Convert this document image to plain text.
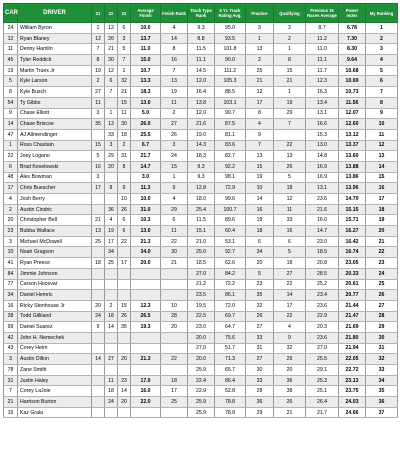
CAR	DRIVER	21	22	23	Average Finish	Finish Rank	Track Type Rank	5 Yr. Track Rating Avg.	Practice	Qualifying	Previous 15 Races Average	Power Index	My Ranking
24	William Byron	1	12	6	10.0	4	9.3	95.0	3	3	8.7	6.78	1
12	Ryan Blaney	12	26	3	13.7	14	8.8	93.5	1	2	11.2	7.30	2
11	Denny Hamlin	7	21	5	11.0	8	11.5	101.8	13	1	11.0	8.30	3
45	Tyler Reddick	8	30	7	15.0	16	11.1	90.0	2	8	11.1	9.64	4
19	Martin Truex Jr	19	12	1	10.7	7	14.5	111.2	25	15	11.7	10.68	5
5	Kyle Larson	2	6	32	13.3	13	12.0	105.3	21	21	12.3	10.69	6
8	Kyle Busch	27	7	21	18.3	19	16.4	88.5	12	1	16.3	10.73	7
54	Ty Gibbs	11		15	13.0	11	13.8	103.1	17	19	13.4	11.56	8
9	Chase Elliott	3	1	11	5.0	2	12.0	90.7	8	29	13.1	12.07	9
14	Chase Briscoe	35	13	30	26.0	27	21.6	87.5	4	7	16.6	12.60	10
47	AJ Allmendinger		33	18	25.5	26	19.0	81.1	9		15.3	13.12	11
1	Ross Chastain	15	3	2	6.7	3	14.3	83.6	7	22	13.0	13.37	12
22	Joey Logano	5	29	31	21.7	24	18.3	82.7	13	13	14.8	13.60	13
6	Brad Keselowski	16	20	8	14.7	15	9.3	92.2	15	26	16.9	13.88	14
48	Alex Bowman	3			3.0	1	9.3	98.1	19	5	16.9	13.86	15
17	Chris Buescher	17	8	9	11.3	9	12.8	72.9	10	18	13.1	13.96	16
4	Josh Berry			10	10.0	4	18.0	99.6	14	12	23.6	14.70	17
2	Austin Cindric		36	26	31.0	29	25.4	100.7	16	11	21.6	15.15	18
20	Christopher Bell	21	4	6	10.3	6	11.5	89.6	19	33	16.0	15.71	19
23	Bubba Wallace	13	19	6	13.0	11	15.1	60.4	18	16	14.7	16.27	20
3	Michael McDowell	25	17	22	21.3	22	21.0	53.1	6	6	23.0	16.42	21
10	Noah Gragson		34		34.0	30	25.0	92.7	34	5	18.5	16.74	22
41	Ryan Preece	18	25	17	20.0	21	18.5	62.6	20	18	20.8	23.05	23
84	Jimmie Johnson						27.0	84.2	5	27	28.5	20.33	24
77	Carson Hocevar						21.2	72.2	23	22	25.2	20.61	25
34	Daniel Hemric						23.5	86.1	35	14	23.4	20.77	26
16	Ricky Stenhouse Jr	20	2	15	12.3	10	19.5	72.0	32	17	23.6	21.44	27
38	Todd Gilliland	24	18	26	26.5	28	22.5	69.7	26	22	22.9	21.47	28
99	Daniel Suarez	9	14	35	19.3	20	23.0	64.7	27	4	20.3	21.69	29
42	John H. Nemechek						20.0	75.6	33	9	23.6	21.80	30
43	Corey Heim						27.0	51.7	31	32	27.0	21.94	31
3	Austin Dillon	14	27	20	21.3	22	20.0	71.3	27	29	25.5	22.05	32
78	Zane Smith						25.9	65.7	30	20	29.1	22.72	33
31	Justin Haley		11	23	17.0	18	22.4	86.4	33	36	25.3	23.13	34
7	Corey LaJoie		18	14	16.0	17	22.9	52.8	28	38	25.1	23.75	35
21	Harrison Burton		24	20	22.0	25	25.9	78.8	36	26	26.4	24.03	36
15	Kaz Grala						25.9	78.8	29	21	21.7	24.66	37
